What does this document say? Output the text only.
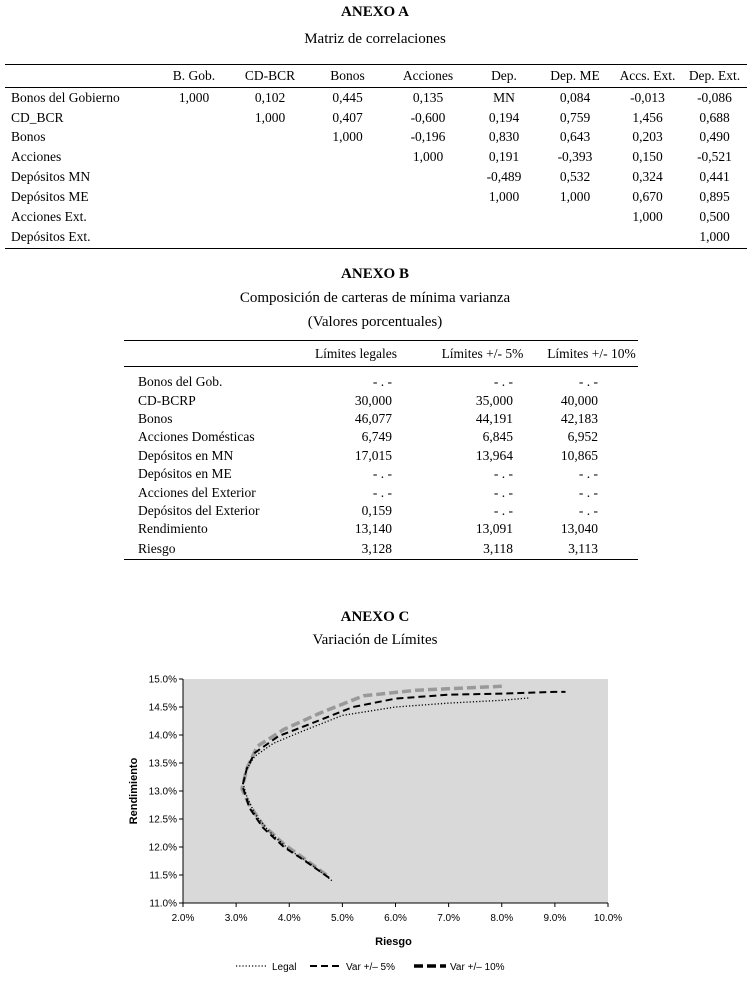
ANEXO A
Matriz de correlaciones
	B. Gob.	CD-BCR	Bonos	Acciones	Dep.	Dep. ME	Accs. Ext.	Dep. Ext.
Bonos del Gobierno	1,000	0,102	0,445	0,135	MN	0,084	-0,013	-0,086
CD_BCR		1,000	0,407	-0,600	0,194	0,759	1,456	0,688
Bonos			1,000	-0,196	0,830	0,643	0,203	0,490
Acciones				1,000	0,191	-0,393	0,150	-0,521
Depósitos MN					-0,489	0,532	0,324	0,441
Depósitos ME					1,000	1,000	0,670	0,895
Acciones Ext.							1,000	0,500
Depósitos Ext.								1,000
ANEXO B
Composición de carteras de mínima varianza
(Valores porcentuales)
	Límites legales	Límites +/- 5%	Límites +/- 10%
Bonos del Gob.	- . -	- . -	- . -
CD-BCRP	30,000	35,000	40,000
Bonos	46,077	44,191	42,183
Acciones Domésticas	6,749	6,845	6,952
Depósitos en MN	17,015	13,964	10,865
Depósitos en ME	- . -	- . -	- . -
Acciones del Exterior	- . -	- . -	- . -
Depósitos del Exterior	0,159	- . -	- . -
Rendimiento	13,140	13,091	13,040
Riesgo	3,128	3,118	3,113
ANEXO C
Variación de Límites
11.0%
11.5%
12.0%
12.5%
13.0%
13.5%
14.0%
14.5%
15.0%
2.0%	3.0%	4.0%	5.0%	6.0%	7.0%	8.0%	9.0%	10.0%
Riesgo
Rendimiento
Legal	Var +/– 5%	Var +/– 10%
